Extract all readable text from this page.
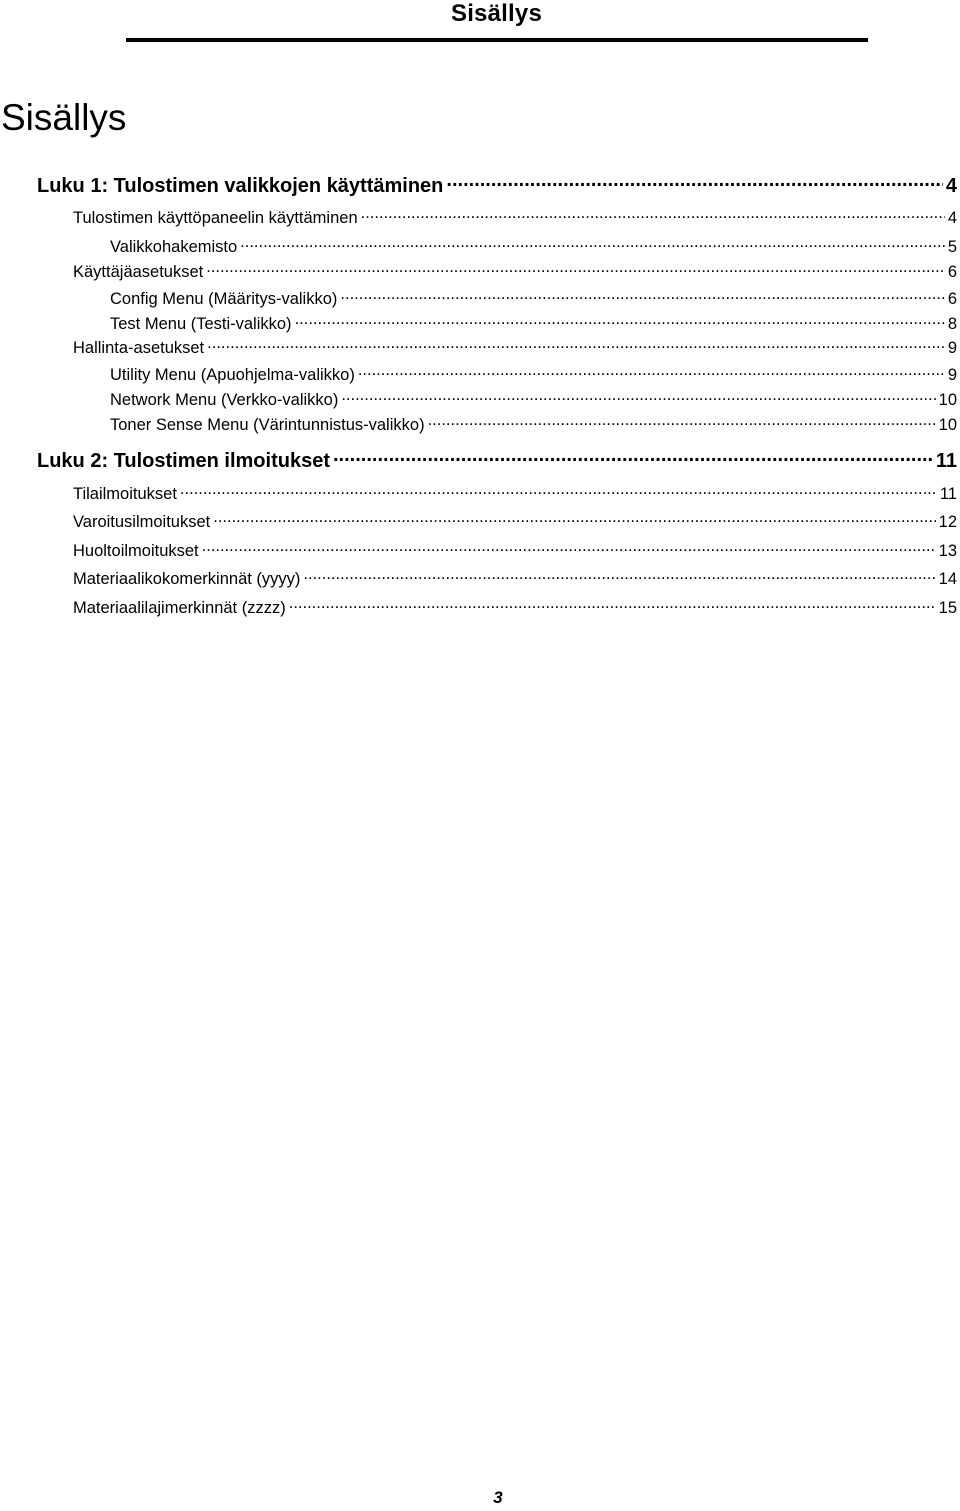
Sisällys
Sisällys
Luku 1: Tulostimen valikkojen käyttäminen .....	4
Tulostimen käyttöpaneelin käyttäminen .....	4
Valikkohakemisto .....	5
Käyttäjäasetukset .....	6
Config Menu (Määritys-valikko) .....	6
Test Menu (Testi-valikko) .....	8
Hallinta-asetukset .....	9
Utility Menu (Apuohjelma-valikko) .....	9
Network Menu (Verkko-valikko) .....	10
Toner Sense Menu (Värintunnistus-valikko) .....	10
Luku 2: Tulostimen ilmoitukset .....	11
Tilailmoitukset .....	11
Varoitusilmoitukset .....	12
Huoltoilmoitukset .....	13
Materiaalikokomerkinnät (yyyy) .....	14
Materiaalilajimerkinnät (zzzz) .....	15
3
